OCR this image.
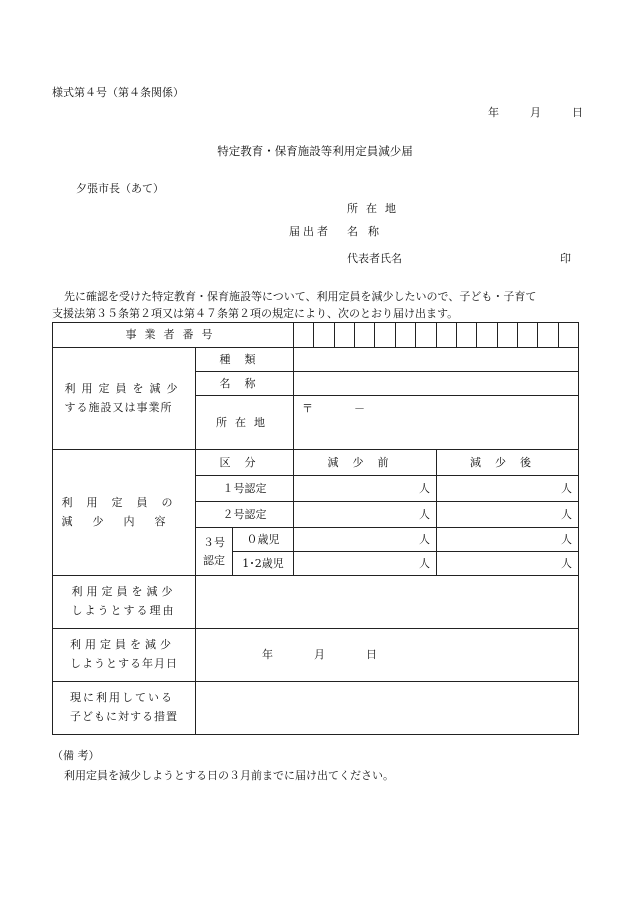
様式第４号（第４条関係）
年	月	日
特定教育・保育施設等利用定員減少届
夕張市長（あて）
所在地
届出者 名称
代表者氏名	印
先に確認を受けた特定教育・保育施設等について、利用定員を減少したいので、子ども・子育て
支援法第３５条第２項又は第４７条第２項の規定により、次のとおり届け出ます。
事業者番号				

利用定員を減少
する施設又は事業所	種類			
	名称			
	所在地		〒 －	

利用定員の
減少内容	区分		減少前	減少後
	１号認定		人	人
	２号認定		人	人

	３号
認定	０歳児	人	人
		1･2歳児	人	人

利用定員を減少
しようとする理由				

利用定員を減少
しようとする年月日	年 月 日			

現に利用している
子どもに対する措置				

（備 考）
利用定員を減少しようとする日の３月前までに届け出てください。
